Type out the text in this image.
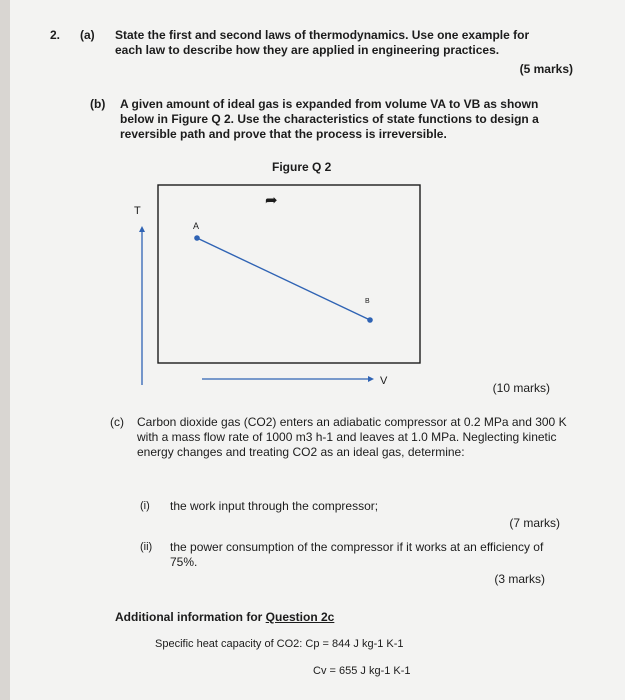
2. (a) State the first and second laws of thermodynamics. Use one example for each law to describe how they are applied in engineering practices.
(5 marks)
(b) A given amount of ideal gas is expanded from volume VA to VB as shown below in Figure Q 2. Use the characteristics of state functions to design a reversible path and prove that the process is irreversible.
Figure Q 2
T
V
A
B
➦
(10 marks)
(c) Carbon dioxide gas (CO2) enters an adiabatic compressor at 0.2 MPa and 300 K with a mass flow rate of 1000 m3 h-1 and leaves at 1.0 MPa. Neglecting kinetic energy changes and treating CO2 as an ideal gas, determine:
(i) the work input through the compressor;
(7 marks)
(ii) the power consumption of the compressor if it works at an efficiency of 75%.
(3 marks)
Additional information for Question 2c
Specific heat capacity of CO2: Cp = 844 J kg-1 K-1
Cv = 655 J kg-1 K-1
